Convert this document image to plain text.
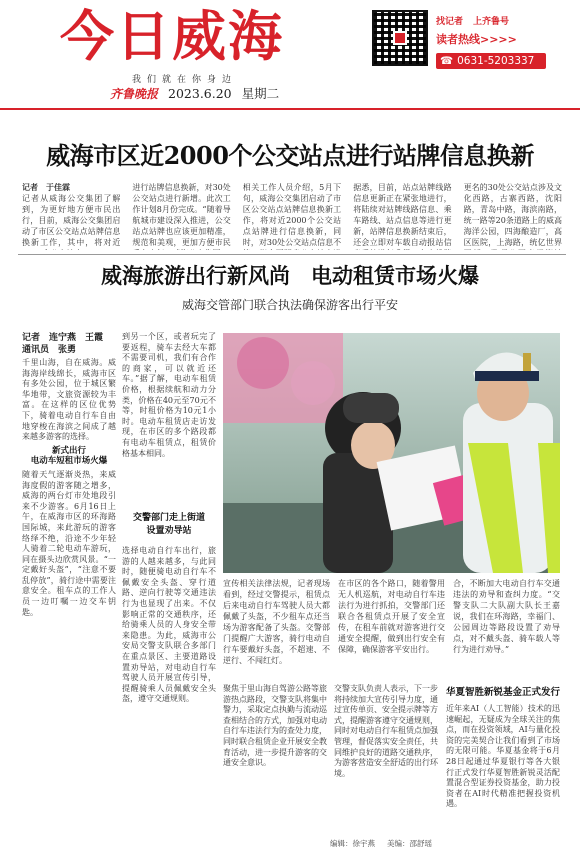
今日威海
我们就在你身边
齐鲁晚报 2023.6.20 星期二
找记者 上齐鲁号
读者热线>>>>
☎ 0631-5203337
威海市区近2000个公交站点进行站牌信息换新
记者　于佳霖
记者从威海公交集团了解到，为更好地方便市民出行，目前，威海公交集团启动了市区公交站点站牌信息换新工作，其中，将对近
进行站牌信息换新，对30处公交站点进行新增。此次工作计划8月份完成。“随着导航城市建设深入推进，公交站点站牌也应该更加精准，规范和美观，更加方便市民
相关工作人员介绍，5月下旬，威海公交集团启动了市区公交站点站牌信息换新工作，将对近2000个公交站点站牌进行信息换新，同时，对30处公交站点信息不
据悉，目前，站点站牌线路信息更新正在紧张地进行，将陆续对站牌线路信息、乘车路线、站点信息等进行更新，站牌信息换新结束后，还会立即对车载自动报站信
更名的30处公交站点涉及文化西路，古寨西路，沈阳路，青岛中路，海滨南路，统一路等20条道路上的威高海洋公园，四海酿造厂，高区医院，上海路，统亿世界
威海旅游出行新风尚　电动租赁市场火爆
威海交管部门联合执法确保游客出行平安
记者　连宁燕　王霞
通讯员　张勇
千里山海，自在威海。威海海岸线绵长，威海市区有多处公园，位于城区繁华地带，文旅资源较为丰富。在这样的区位优势下，骑着电动自行车自由地穿梭在海滨之间成了越来越多游客的选择。
新式出行
电动车短租市场火爆
随着天气逐渐炎热，来威海度假的游客随之增多，威海的两台灯市处地段引来不少游客。6月16日上午，在威海市区的环海路国际城，来此游玩的游客络绎不绝，沿途不少年轻人骑着二轮电动车游玩，同在摄头边欣赏风景。“一定戴好头盔”，“注意不要乱停放”，骑行途中需要注意安全。租车点的工作人员一边叮嘱一边交车钥匙。
到另一个区，或者玩完了要返程，骑车去经大车都不需要司机，我们有合作的商家，可以就近还车。”据了解，电动车租赁价格，根据续航和动力分类，价格在40元至70元不等，时租价格为10元1小时。电动车租赁店走访发现，在市区的多个路段都有电动车租赁点，租赁价格基本相同。
交警部门走上街道
设置劝导站
选择电动自行车出行，旅游的人越来越多，与此同时，随便骑电动自行车不佩戴安全头盔、穿行道路、逆向行驶等交通违法行为也显现了出来。不仅影响正常的交通秩序，还给骑乘人员的人身安全带来隐患。为此，威海市公安局交警支队联合多部门在重点景区、主要道路设置劝导站，对电动自行车驾驶人员开展宣传引导，提醒骑乘人员佩戴安全头盔，遵守交通规则。
宣传相关法律法规，记者现场看到，经过交警提示，租赁点后来电动自行车驾驶人员大都佩戴了头盔，不少租车点还当场为游客配备了头盔。交警部门提醒广大游客，骑行电动自行车要戴好头盔，不超速、不逆行、不闯红灯。
在市区的各个路口，随着警用无人机巡航，对电动自行车违法行为进行抓拍，交警部门还联合各租赁点开展了安全宣传，在租车前就对游客进行交通安全提醒，做到出行安全有保障，确保游客平安出行。
合，不断加大电动自行车交通违法的劝导和查纠力度。“交警支队二大队副大队长王嘉说，我们在环海路，幸福门、公园周边等路段设置了劝导点，对不戴头盔、骑车载人等行为进行劝导。”
聚焦于里山海自驾游公路等旅游热点路段，交警支队将集中警力，采取定点执勤与流动巡查相结合的方式，加强对电动自行车违法行为的查处力度，同时联合租赁企业开展安全教育活动，进一步提升游客的交通安全意识。
交警支队负责人表示，下一步将持续加大宣传引导力度，通过宣传单页、安全提示牌等方式，提醒游客遵守交通规则，同时对电动自行车租赁点加强管理，督促落实安全责任，共同维护良好的道路交通秩序，为游客营造安全舒适的出行环境。
华夏智胜新锐基金正式发行
近年来AI（人工智能）技术的迅速崛起，无疑成为全球关注的焦点，而在投资领域，AI与量化投资的完美契合让我们看到了市场的无限可能。华夏基金将于6月28日起通过华夏银行等各大银行正式发行华夏智胜新锐灵活配置混合型证券投资基金，助力投资者在AI时代精准把握投资机遇。
编辑：徐宇燕 美编：邵舒瑶
